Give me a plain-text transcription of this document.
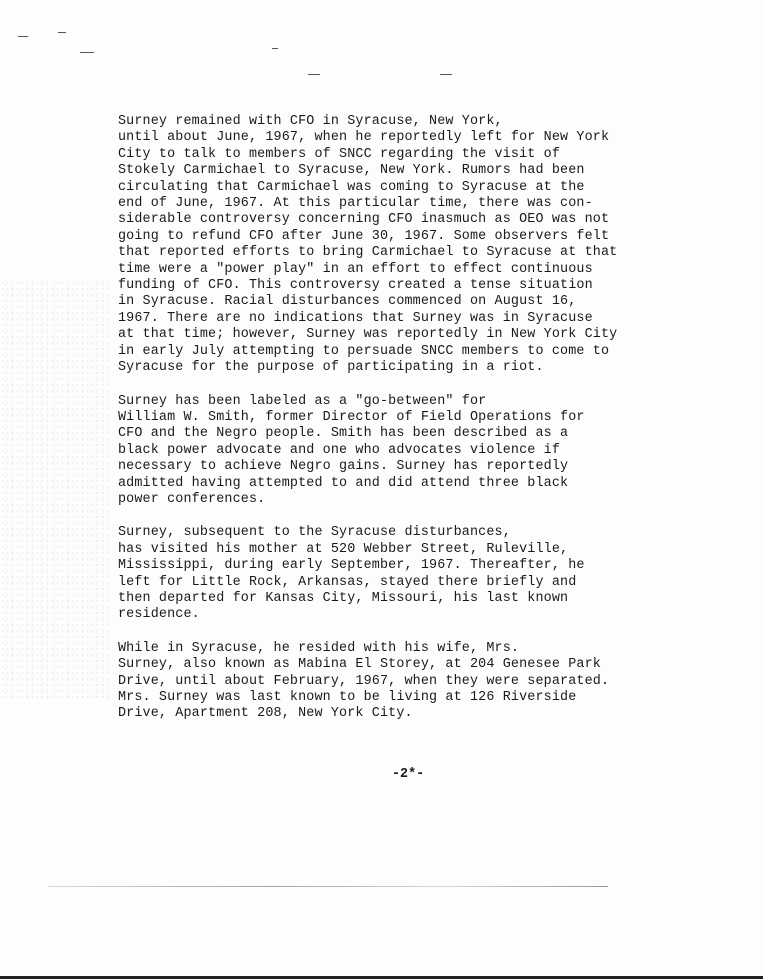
Surney remained with CFO in Syracuse, New York,
until about June, 1967, when he reportedly left for New York
City to talk to members of SNCC regarding the visit of
Stokely Carmichael to Syracuse, New York. Rumors had been
circulating that Carmichael was coming to Syracuse at the
end of June, 1967. At this particular time, there was con-
siderable controversy concerning CFO inasmuch as OEO was not
going to refund CFO after June 30, 1967. Some observers felt
that reported efforts to bring Carmichael to Syracuse at that
time were a "power play" in an effort to effect continuous
funding of CFO. This controversy created a tense situation
in Syracuse. Racial disturbances commenced on August 16,
1967. There are no indications that Surney was in Syracuse
at that time; however, Surney was reportedly in New York City
in early July attempting to persuade SNCC members to come to
Syracuse for the purpose of participating in a riot.

Surney has been labeled as a "go-between" for
William W. Smith, former Director of Field Operations for
CFO and the Negro people. Smith has been described as a
black power advocate and one who advocates violence if
necessary to achieve Negro gains. Surney has reportedly
admitted having attempted to and did attend three black
power conferences.

Surney, subsequent to the Syracuse disturbances,
has visited his mother at 520 Webber Street, Ruleville,
Mississippi, during early September, 1967. Thereafter, he
left for Little Rock, Arkansas, stayed there briefly and
then departed for Kansas City, Missouri, his last known
residence.

While in Syracuse, he resided with his wife, Mrs.
Surney, also known as Mabina El Storey, at 204 Genesee Park
Drive, until about February, 1967, when they were separated.
Mrs. Surney was last known to be living at 126 Riverside
Drive, Apartment 208, New York City.

-2*-
